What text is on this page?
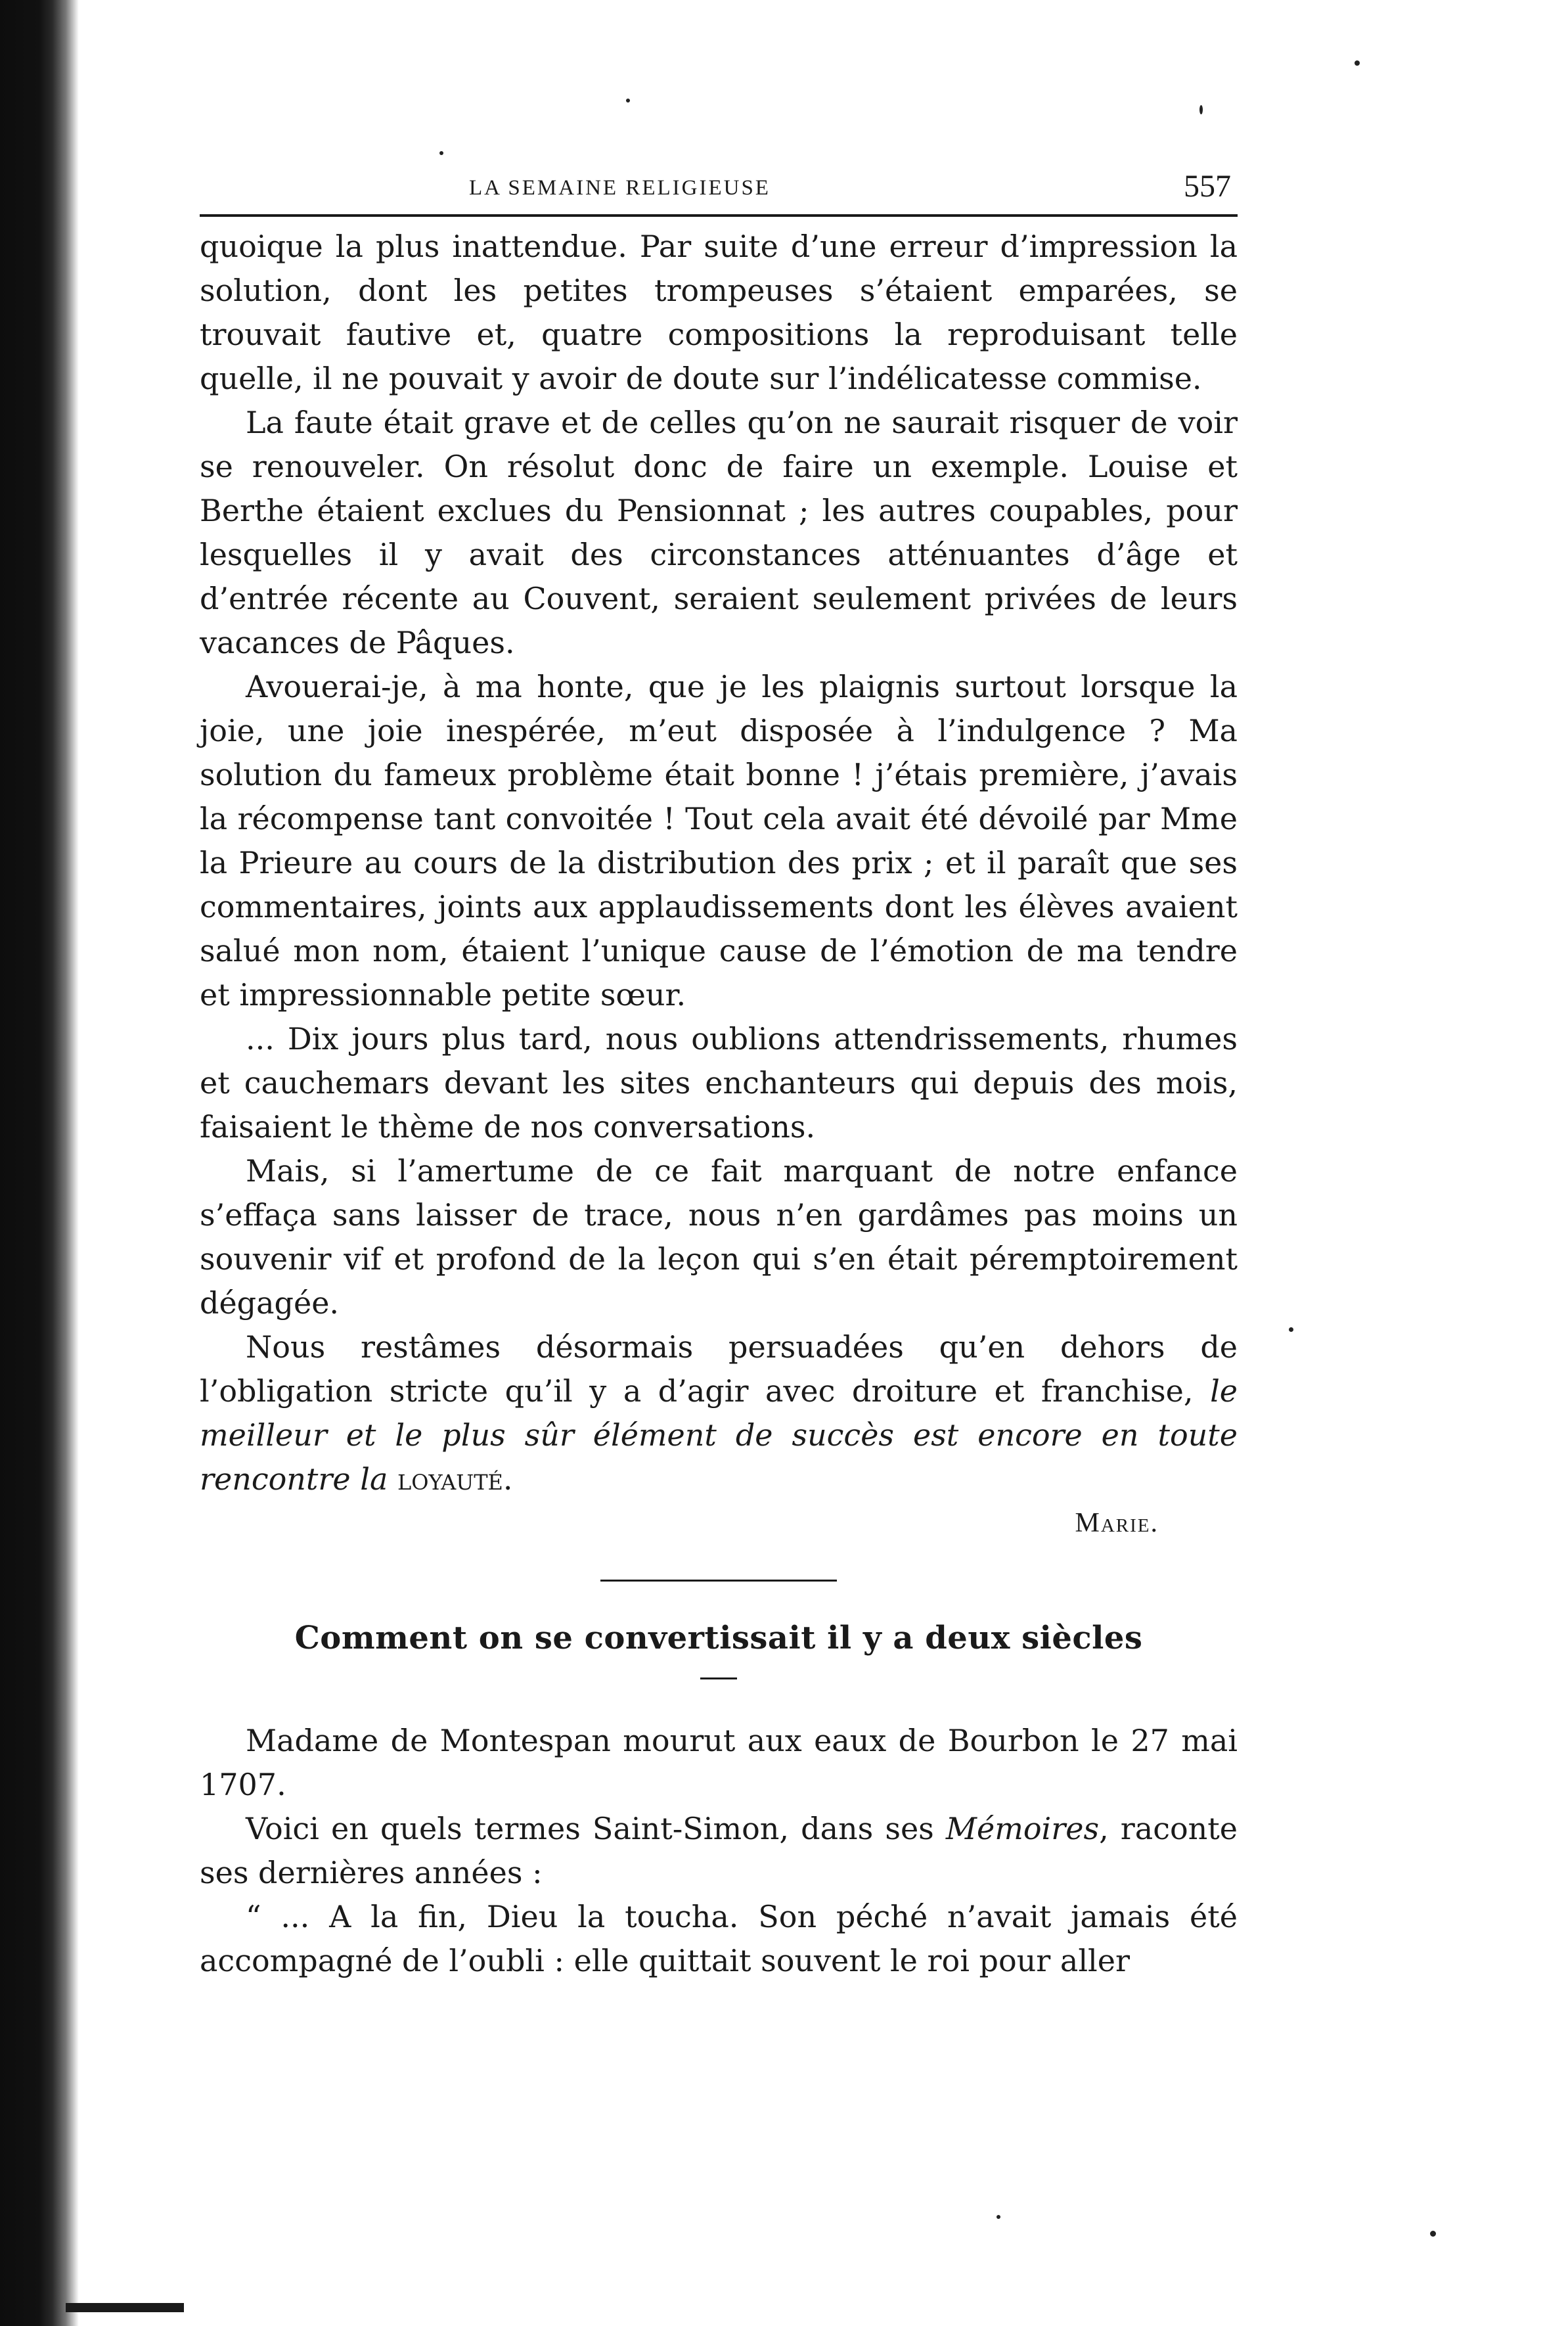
LA SEMAINE RELIGIEUSE	557

quoique la plus inattendue. Par suite d’une erreur d’impression la solution, dont les petites trompeuses s’étaient emparées, se trouvait fautive et, quatre compositions la reproduisant telle quelle, il ne pouvait y avoir de doute sur l’indélicatesse commise.

La faute était grave et de celles qu’on ne saurait risquer de voir se renouveler. On résolut donc de faire un exemple. Louise et Berthe étaient exclues du Pensionnat ; les autres coupables, pour lesquelles il y avait des circonstances atténuantes d’âge et d’entrée récente au Couvent, seraient seulement privées de leurs vacances de Pâques.

Avouerai-je, à ma honte, que je les plaignis surtout lorsque la joie, une joie inespérée, m’eut disposée à l’indulgence ? Ma solution du fameux problème était bonne ! j’étais première, j’avais la récompense tant convoitée ! Tout cela avait été dévoilé par Mme la Prieure au cours de la distribution des prix ; et il paraît que ses commentaires, joints aux applaudissements dont les élèves avaient salué mon nom, étaient l’unique cause de l’émotion de ma tendre et impressionnable petite sœur.

... Dix jours plus tard, nous oublions attendrissements, rhumes et cauchemars devant les sites enchanteurs qui depuis des mois, faisaient le thème de nos conversations.

Mais, si l’amertume de ce fait marquant de notre enfance s’effaça sans laisser de trace, nous n’en gardâmes pas moins un souvenir vif et profond de la leçon qui s’en était péremptoirement dégagée.

Nous restâmes désormais persuadées qu’en dehors de l’obligation stricte qu’il y a d’agir avec droiture et franchise, le meilleur et le plus sûr élément de succès est encore en toute rencontre la loyauté.

Marie.
Comment on se convertissait il y a deux siècles

Madame de Montespan mourut aux eaux de Bourbon le 27 mai 1707.

Voici en quels termes Saint-Simon, dans ses Mémoires, raconte ses dernières années :

“ ... A la fin, Dieu la toucha. Son péché n’avait jamais été accompagné de l’oubli : elle quittait souvent le roi pour aller
